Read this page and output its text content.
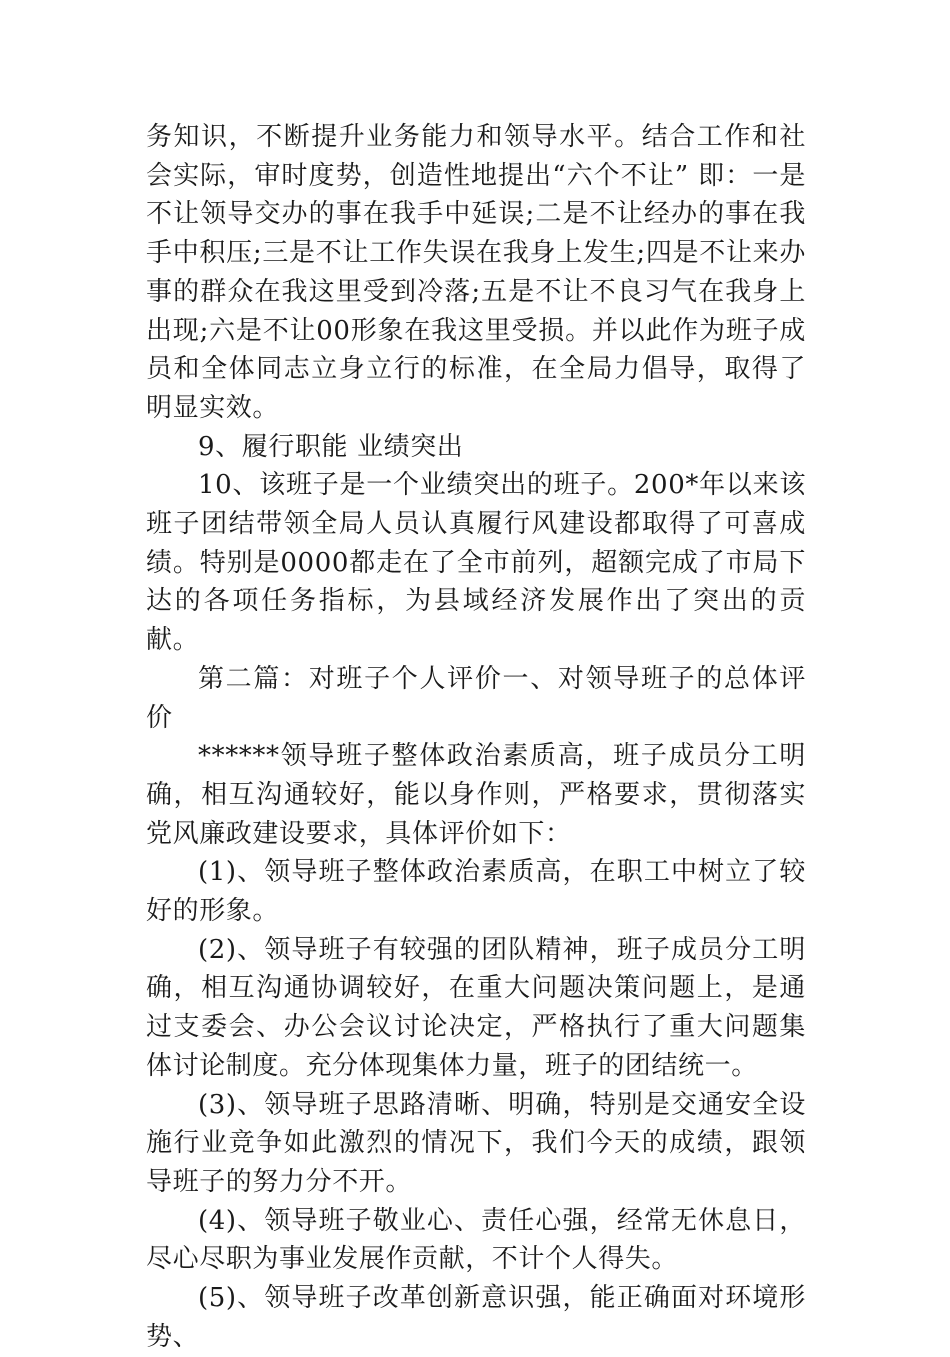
务知识，不断提升业务能力和领导水平。结合工作和社会实际，审时度势，创造性地提出“六个不让” 即：一是不让领导交办的事在我手中延误;二是不让经办的事在我手中积压;三是不让工作失误在我身上发生;四是不让来办事的群众在我这里受到冷落;五是不让不良习气在我身上出现;六是不让00形象在我这里受损。并以此作为班子成员和全体同志立身立行的标准，在全局力倡导，取得了明显实效。

9、履行职能 业绩突出

10、该班子是一个业绩突出的班子。200*年以来该班子团结带领全局人员认真履行风建设都取得了可喜成绩。特别是0000都走在了全市前列，超额完成了市局下达的各项任务指标，为县域经济发展作出了突出的贡献。

第二篇：对班子个人评价一、对领导班子的总体评价

******领导班子整体政治素质高，班子成员分工明确，相互沟通较好，能以身作则，严格要求，贯彻落实党风廉政建设要求，具体评价如下：

(1)、领导班子整体政治素质高，在职工中树立了较好的形象。

(2)、领导班子有较强的团队精神，班子成员分工明确，相互沟通协调较好，在重大问题决策问题上，是通过支委会、办公会议讨论决定，严格执行了重大问题集体讨论制度。充分体现集体力量，班子的团结统一。

(3)、领导班子思路清晰、明确，特别是交通安全设施行业竞争如此激烈的情况下，我们今天的成绩，跟领导班子的努力分不开。

(4)、领导班子敬业心、责任心强，经常无休息日，尽心尽职为事业发展作贡献，不计个人得失。

(5)、领导班子改革创新意识强，能正确面对环境形势、
